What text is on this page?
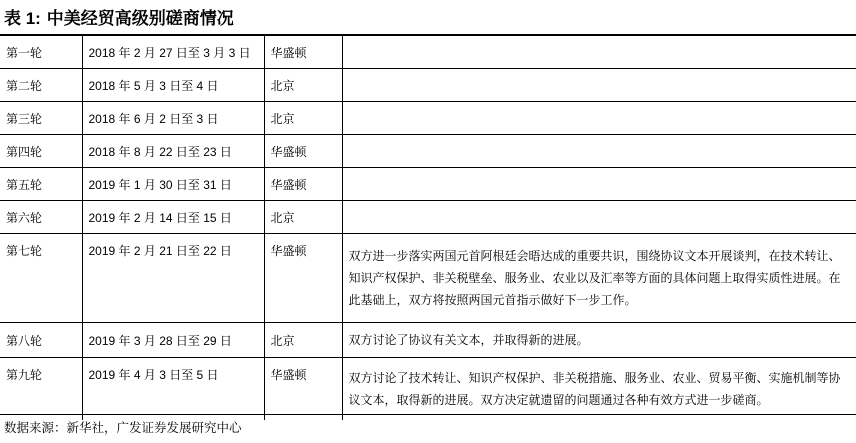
表 1: 中美经贸高级别磋商情况
第一轮	2018 年 2 月 27 日至 3 月 3 日	华盛顿	
第二轮	2018 年 5 月 3 日至 4 日	北京	
第三轮	2018 年 6 月 2 日至 3 日	北京	
第四轮	2018 年 8 月 22 日至 23 日	华盛顿	
第五轮	2019 年 1 月 30 日至 31 日	华盛顿	
第六轮	2019 年 2 月 14 日至 15 日	北京	
第七轮	2019 年 2 月 21 日至 22 日	华盛顿	双方进一步落实两国元首阿根廷会晤达成的重要共识，围绕协议文本开展谈判，在技术转让、知识产权保护、非关税壁垒、服务业、农业以及汇率等方面的具体问题上取得实质性进展。在此基础上，双方将按照两国元首指示做好下一步工作。
第八轮	2019 年 3 月 28 日至 29 日	北京	双方讨论了协议有关文本，并取得新的进展。
第九轮	2019 年 4 月 3 日至 5 日	华盛顿	双方讨论了技术转让、知识产权保护、非关税措施、服务业、农业、贸易平衡、实施机制等协议文本，取得新的进展。双方决定就遗留的问题通过各种有效方式进一步磋商。
数据来源：新华社，广发证券发展研究中心
